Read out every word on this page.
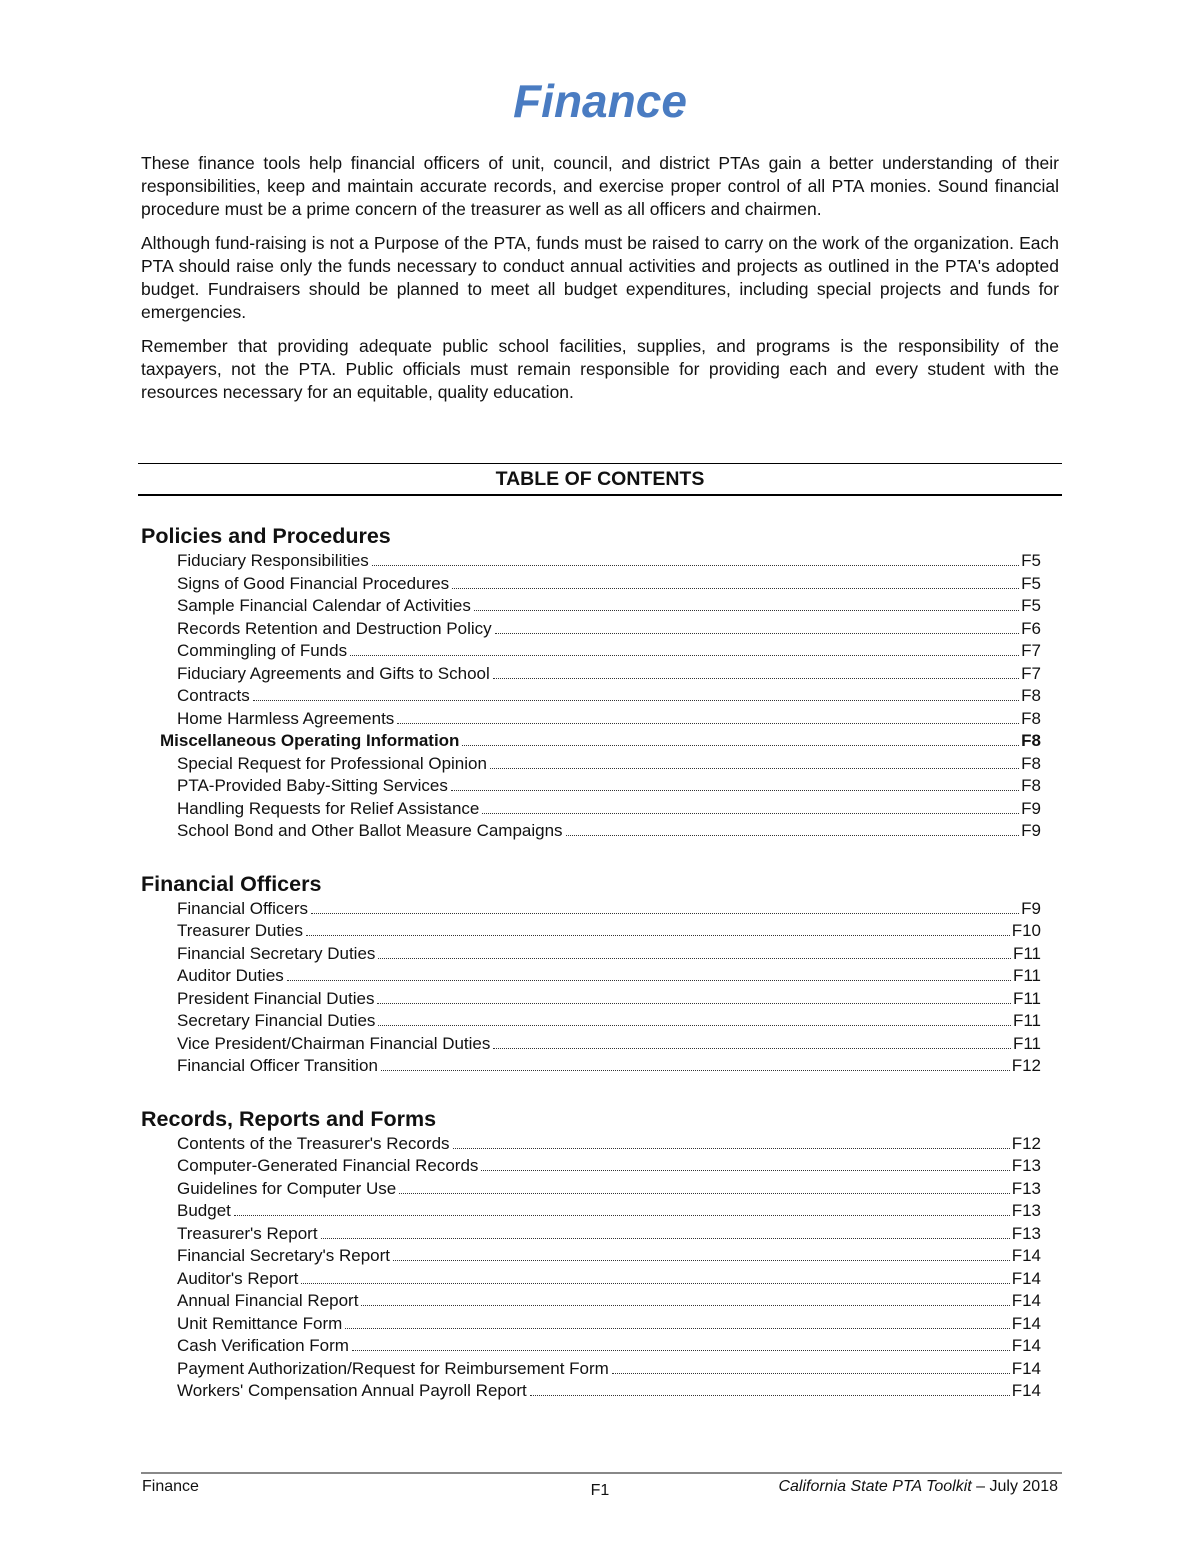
Finance

These finance tools help financial officers of unit, council, and district PTAs gain a better understanding of their responsibilities, keep and maintain accurate records, and exercise proper control of all PTA monies. Sound financial procedure must be a prime concern of the treasurer as well as all officers and chairmen.

Although fund-raising is not a Purpose of the PTA, funds must be raised to carry on the work of the organization. Each PTA should raise only the funds necessary to conduct annual activities and projects as outlined in the PTA's adopted budget. Fundraisers should be planned to meet all budget expenditures, including special projects and funds for emergencies.

Remember that providing adequate public school facilities, supplies, and programs is the responsibility of the taxpayers, not the PTA. Public officials must remain responsible for providing each and every student with the resources necessary for an equitable, quality education.

TABLE OF CONTENTS
Policies and Procedures
Fiduciary Responsibilities	F5
Signs of Good Financial Procedures	F5
Sample Financial Calendar of Activities	F5
Records Retention and Destruction Policy	F6
Commingling of Funds	F7
Fiduciary Agreements and Gifts to School	F7
Contracts	F8
Home Harmless Agreements	F8
Miscellaneous Operating Information	F8
Special Request for Professional Opinion	F8
PTA-Provided Baby-Sitting Services	F8
Handling Requests for Relief Assistance	F9
School Bond and Other Ballot Measure Campaigns	F9
Financial Officers
Financial Officers	F9
Treasurer Duties	F10
Financial Secretary Duties	F11
Auditor Duties	F11
President Financial Duties	F11
Secretary Financial Duties	F11
Vice President/Chairman Financial Duties	F11
Financial Officer Transition	F12
Records, Reports and Forms
Contents of the Treasurer's Records	F12
Computer-Generated Financial Records	F13
Guidelines for Computer Use	F13
Budget	F13
Treasurer's Report	F13
Financial Secretary's Report	F14
Auditor's Report	F14
Annual Financial Report	F14
Unit Remittance Form	F14
Cash Verification Form	F14
Payment Authorization/Request for Reimbursement Form	F14
Workers' Compensation Annual Payroll Report	F14
Finance	F1	California State PTA Toolkit – July 2018
